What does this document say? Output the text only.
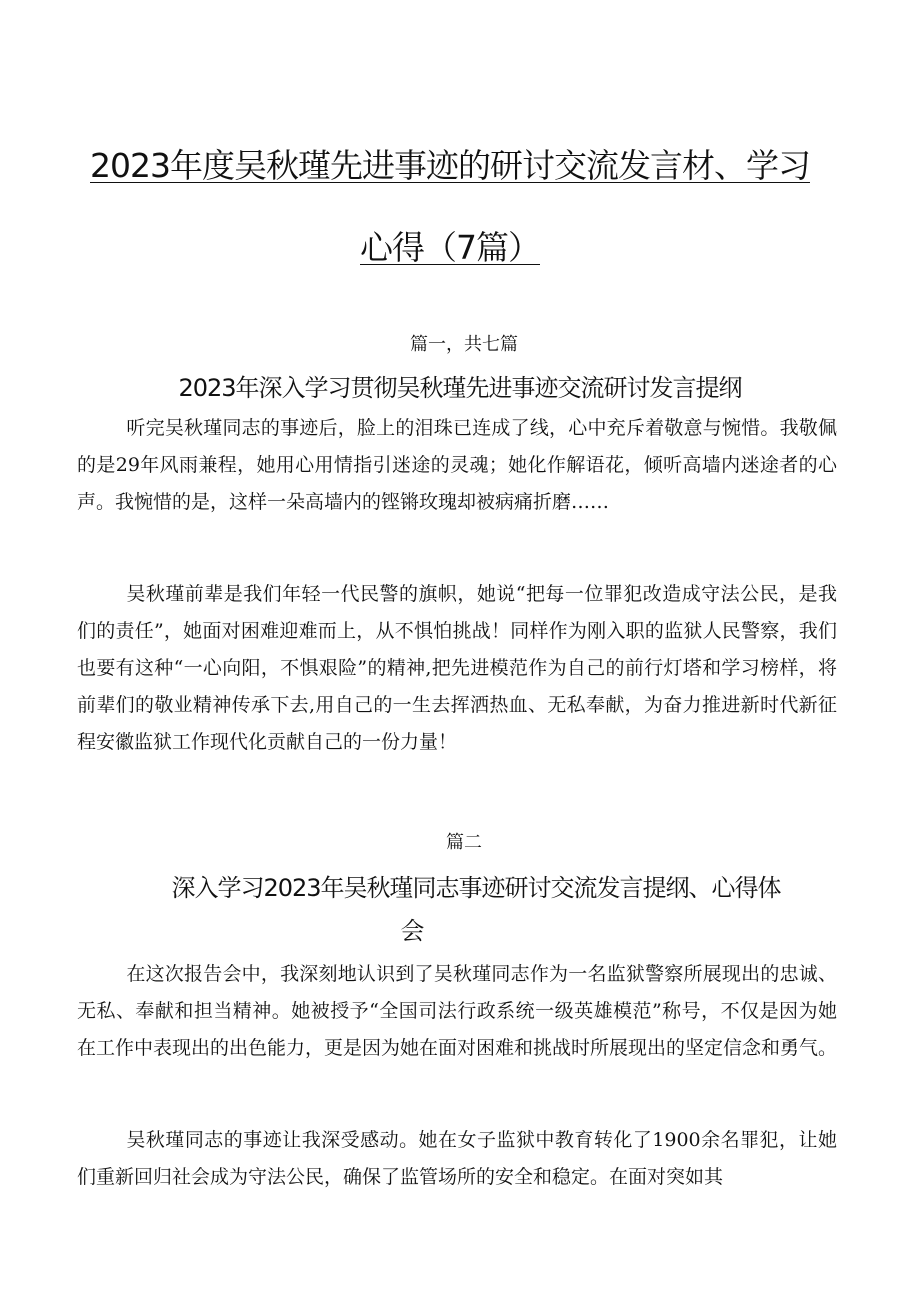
2023年度吴秋瑾先进事迹的研讨交流发言材、学习
心得（7篇）
篇一，共七篇
2023年深入学习贯彻吴秋瑾先进事迹交流研讨发言提纲

听完吴秋瑾同志的事迹后，脸上的泪珠已连成了线，心中充斥着敬意与惋惜。我敬佩的是29年风雨兼程，她用心用情指引迷途的灵魂；她化作解语花，倾听高墙内迷途者的心声。我惋惜的是，这样一朵高墙内的铿锵玫瑰却被病痛折磨……

吴秋瑾前辈是我们年轻一代民警的旗帜，她说“把每一位罪犯改造成守法公民，是我们的责任”，她面对困难迎难而上，从不惧怕挑战！同样作为刚入职的监狱人民警察，我们也要有这种“一心向阳，不惧艰险”的精神,把先进模范作为自己的前行灯塔和学习榜样，将前辈们的敬业精神传承下去,用自己的一生去挥洒热血、无私奉献，为奋力推进新时代新征程安徽监狱工作现代化贡献自己的一份力量！

篇二
深入学习2023年吴秋瑾同志事迹研讨交流发言提纲、心得体
会

在这次报告会中，我深刻地认识到了吴秋瑾同志作为一名监狱警察所展现出的忠诚、无私、奉献和担当精神。她被授予“全国司法行政系统一级英雄模范”称号，不仅是因为她在工作中表现出的出色能力，更是因为她在面对困难和挑战时所展现出的坚定信念和勇气。

吴秋瑾同志的事迹让我深受感动。她在女子监狱中教育转化了1900余名罪犯，让她们重新回归社会成为守法公民，确保了监管场所的安全和稳定。在面对突如其
